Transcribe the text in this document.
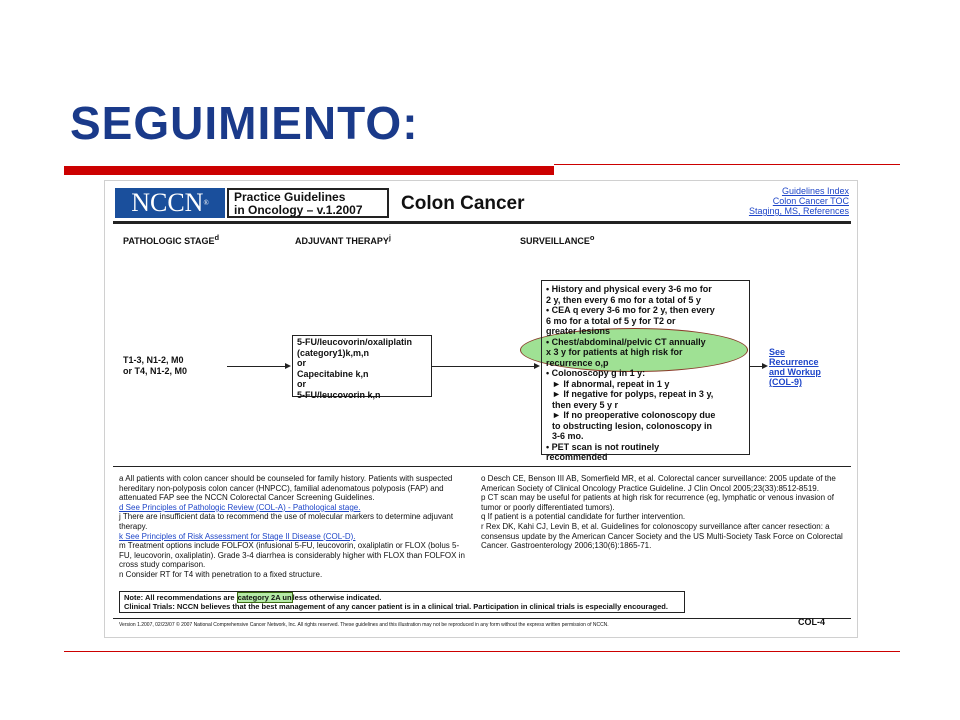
SEGUIMIENTO:
NCCN®	Practice Guidelines
in Oncology – v.1.2007	Colon Cancer
Guidelines Index
Colon Cancer TOC
Staging, MS, References
PATHOLOGIC STAGE$^d$	ADJUVANT THERAPY$^j$	SURVEILLANCE$^o$
T1-3, N1-2, M0
or T4, N1-2, M0
5-FU/leucovorin/oxaliplatin
(category1)k,m,n
or
Capecitabine k,n
or
5-FU/leucovorin k,n
• History and physical every 3-6 mo for
2 y, then every 6 mo for a total of 5 y
• CEA q every 3-6 mo for 2 y, then every
6 mo for a total of 5 y for T2 or
greater lesions
• Chest/abdominal/pelvic CT annually
x 3 y for patients at high risk for
recurrence o,p
• Colonoscopy g in 1 y:
► If abnormal, repeat in 1 y
► If negative for polyps, repeat in 3 y,
then every 5 y r
► If no preoperative colonoscopy due
to obstructing lesion, colonoscopy in
3-6 mo.
• PET scan is not routinely
recommended
See
Recurrence
and Workup
(COL-9)

a All patients with colon cancer should be counseled for family history. Patients with suspected hereditary non-polyposis colon cancer (HNPCC), familial adenomatous polyposis (FAP) and attenuated FAP see the NCCN Colorectal Cancer Screening Guidelines.

d See Principles of Pathologic Review (COL-A) - Pathological stage.

j There are insufficient data to recommend the use of molecular markers to determine adjuvant therapy.

k See Principles of Risk Assessment for Stage II Disease (COL-D).

m Treatment options include FOLFOX (infusional 5-FU, leucovorin, oxaliplatin or FLOX (bolus 5-FU, leucovorin, oxaliplatin). Grade 3-4 diarrhea is considerably higher with FLOX than FOLFOX in cross study comparison.

n Consider RT for T4 with penetration to a fixed structure.

o Desch CE, Benson III AB, Somerfield MR, et al. Colorectal cancer surveillance: 2005 update of the American Society of Clinical Oncology Practice Guideline. J Clin Oncol 2005;23(33):8512-8519.

p CT scan may be useful for patients at high risk for recurrence (eg, lymphatic or venous invasion of tumor or poorly differentiated tumors).

q If patient is a potential candidate for further intervention.

r Rex DK, Kahi CJ, Levin B, et al. Guidelines for colonoscopy surveillance after cancer resection: a consensus update by the American Cancer Society and the US Multi-Society Task Force on Colorectal Cancer. Gastroenterology 2006;130(6):1865-71.

Note: All recommendations are category 2A unless otherwise indicated.
Clinical Trials: NCCN believes that the best management of any cancer patient is in a clinical trial. Participation in clinical trials is especially encouraged.
Version 1.2007, 02/23/07 © 2007 National Comprehensive Cancer Network, Inc. All rights reserved. These guidelines and this illustration may not be reproduced in any form without the express written permission of NCCN.	COL-4
